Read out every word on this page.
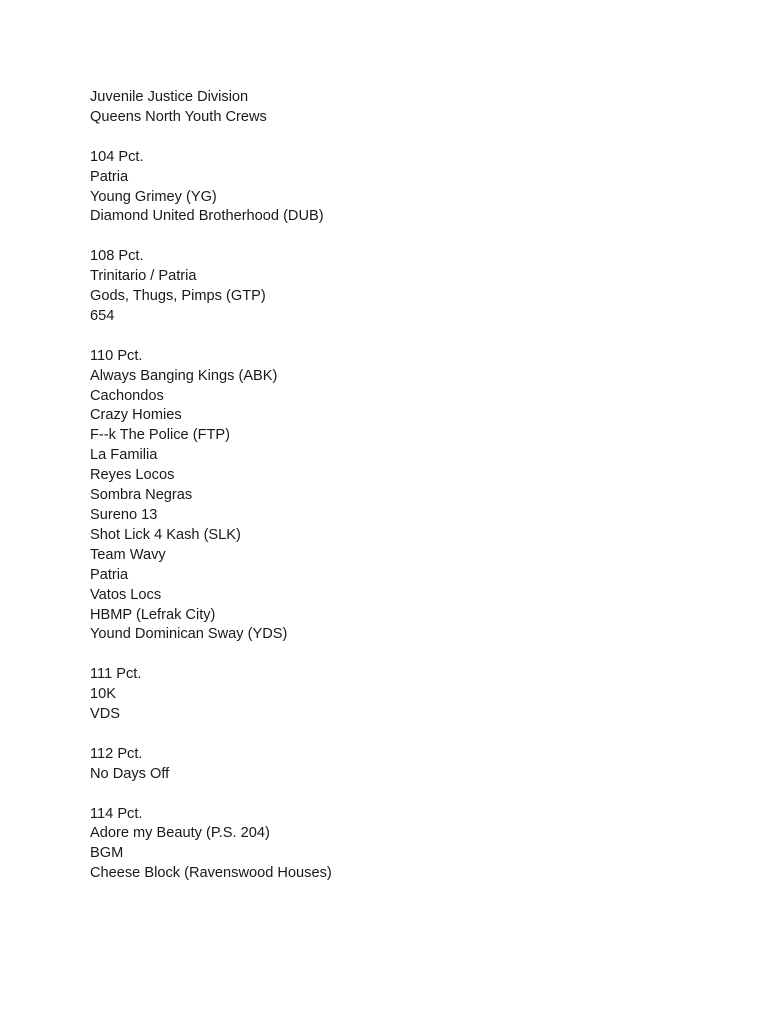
Juvenile Justice Division
Queens North Youth Crews
104 Pct.
Patria
Young Grimey (YG)
Diamond United Brotherhood (DUB)
108 Pct.
Trinitario / Patria
Gods, Thugs, Pimps (GTP)
654
110 Pct.
Always Banging Kings (ABK)
Cachondos
Crazy Homies
F--k The Police (FTP)
La Familia
Reyes Locos
Sombra Negras
Sureno 13
Shot Lick 4 Kash (SLK)
Team Wavy
Patria
Vatos Locs
HBMP (Lefrak City)
Yound Dominican Sway (YDS)
111 Pct.
10K
VDS
112 Pct.
No Days Off
114 Pct.
Adore my Beauty (P.S. 204)
BGM
Cheese Block (Ravenswood Houses)
